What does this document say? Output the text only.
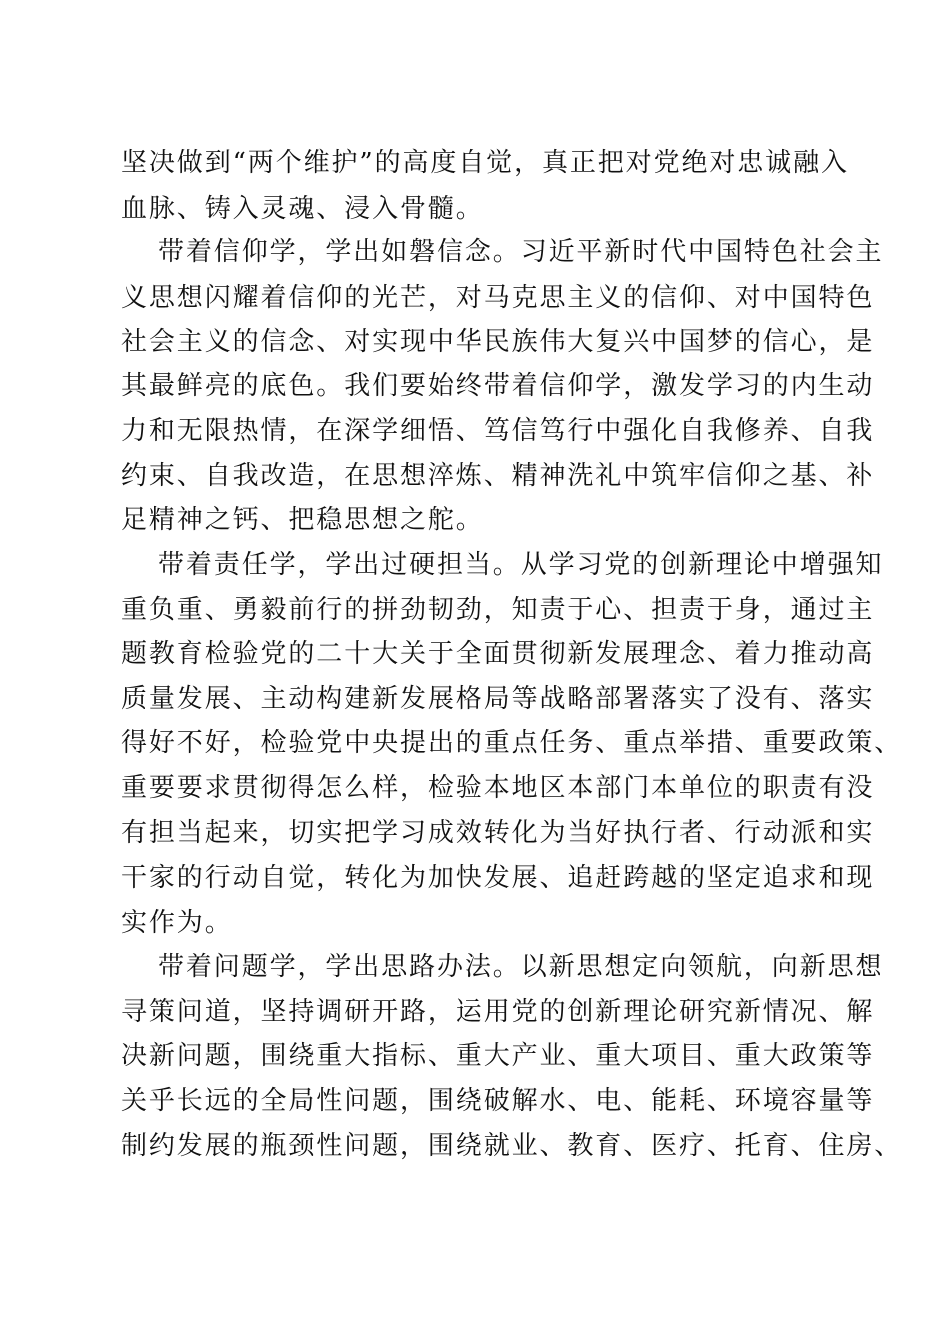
坚决做到“两个维护”的高度自觉，真正把对党绝对忠诚融入
血脉、铸入灵魂、浸入骨髓。
带着信仰学，学出如磐信念。习近平新时代中国特色社会主
义思想闪耀着信仰的光芒，对马克思主义的信仰、对中国特色
社会主义的信念、对实现中华民族伟大复兴中国梦的信心，是
其最鲜亮的底色。我们要始终带着信仰学，激发学习的内生动
力和无限热情，在深学细悟、笃信笃行中强化自我修养、自我
约束、自我改造，在思想淬炼、精神洗礼中筑牢信仰之基、补
足精神之钙、把稳思想之舵。
带着责任学，学出过硬担当。从学习党的创新理论中增强知
重负重、勇毅前行的拼劲韧劲，知责于心、担责于身，通过主
题教育检验党的二十大关于全面贯彻新发展理念、着力推动高
质量发展、主动构建新发展格局等战略部署落实了没有、落实
得好不好，检验党中央提出的重点任务、重点举措、重要政策、
重要要求贯彻得怎么样，检验本地区本部门本单位的职责有没
有担当起来，切实把学习成效转化为当好执行者、行动派和实
干家的行动自觉，转化为加快发展、追赶跨越的坚定追求和现
实作为。
带着问题学，学出思路办法。以新思想定向领航，向新思想
寻策问道，坚持调研开路，运用党的创新理论研究新情况、解
决新问题，围绕重大指标、重大产业、重大项目、重大政策等
关乎长远的全局性问题，围绕破解水、电、能耗、环境容量等
制约发展的瓶颈性问题，围绕就业、教育、医疗、托育、住房、
